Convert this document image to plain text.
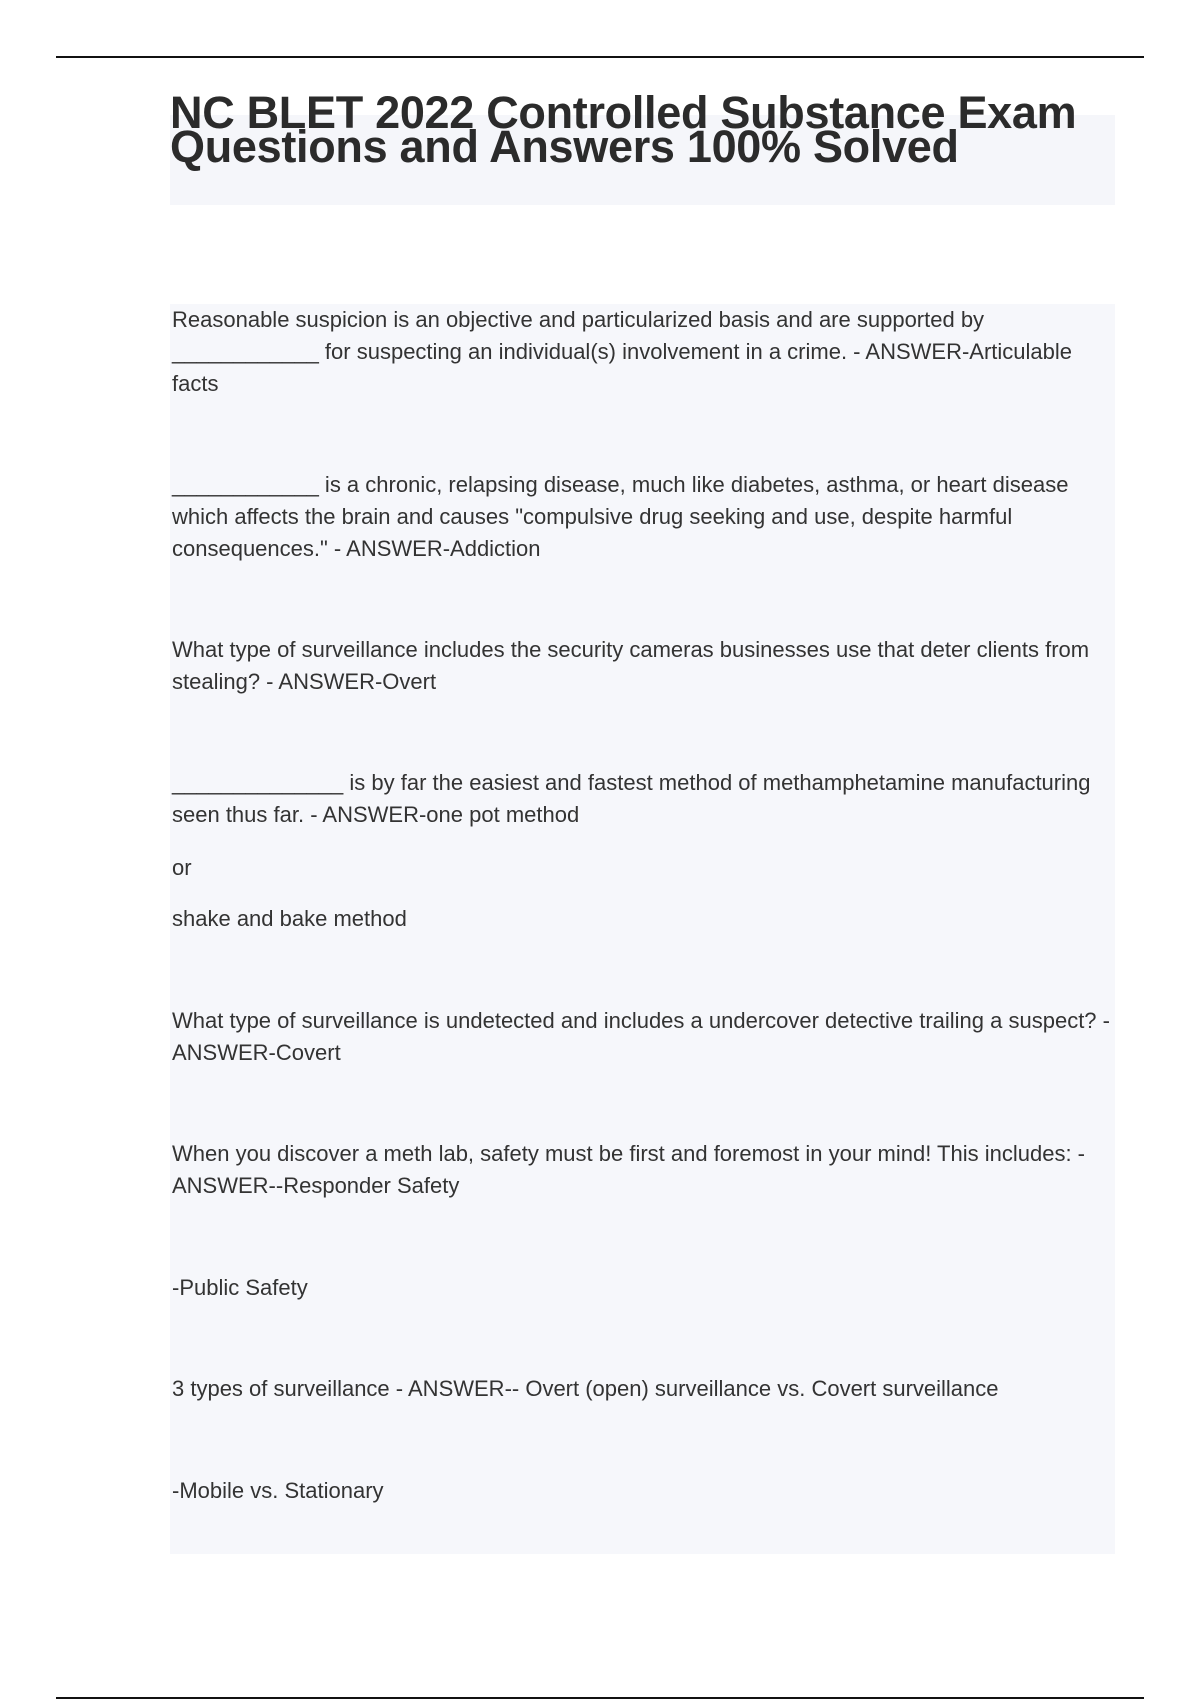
NC BLET 2022 Controlled Substance Exam Questions and Answers 100% Solved

Reasonable suspicion is an objective and particularized basis and are supported by ____________ for suspecting an individual(s) involvement in a crime. - ANSWER-Articulable facts

____________ is a chronic, relapsing disease, much like diabetes, asthma, or heart disease which affects the brain and causes "compulsive drug seeking and use, despite harmful consequences." - ANSWER-Addiction

What type of surveillance includes the security cameras businesses use that deter clients from stealing? - ANSWER-Overt

______________ is by far the easiest and fastest method of methamphetamine manufacturing seen thus far. - ANSWER-one pot method

or

shake and bake method

What type of surveillance is undetected and includes a undercover detective trailing a suspect? - ANSWER-Covert

When you discover a meth lab, safety must be first and foremost in your mind! This includes: - ANSWER--Responder Safety

-Public Safety

3 types of surveillance - ANSWER-- Overt (open) surveillance vs. Covert surveillance

-Mobile vs. Stationary
